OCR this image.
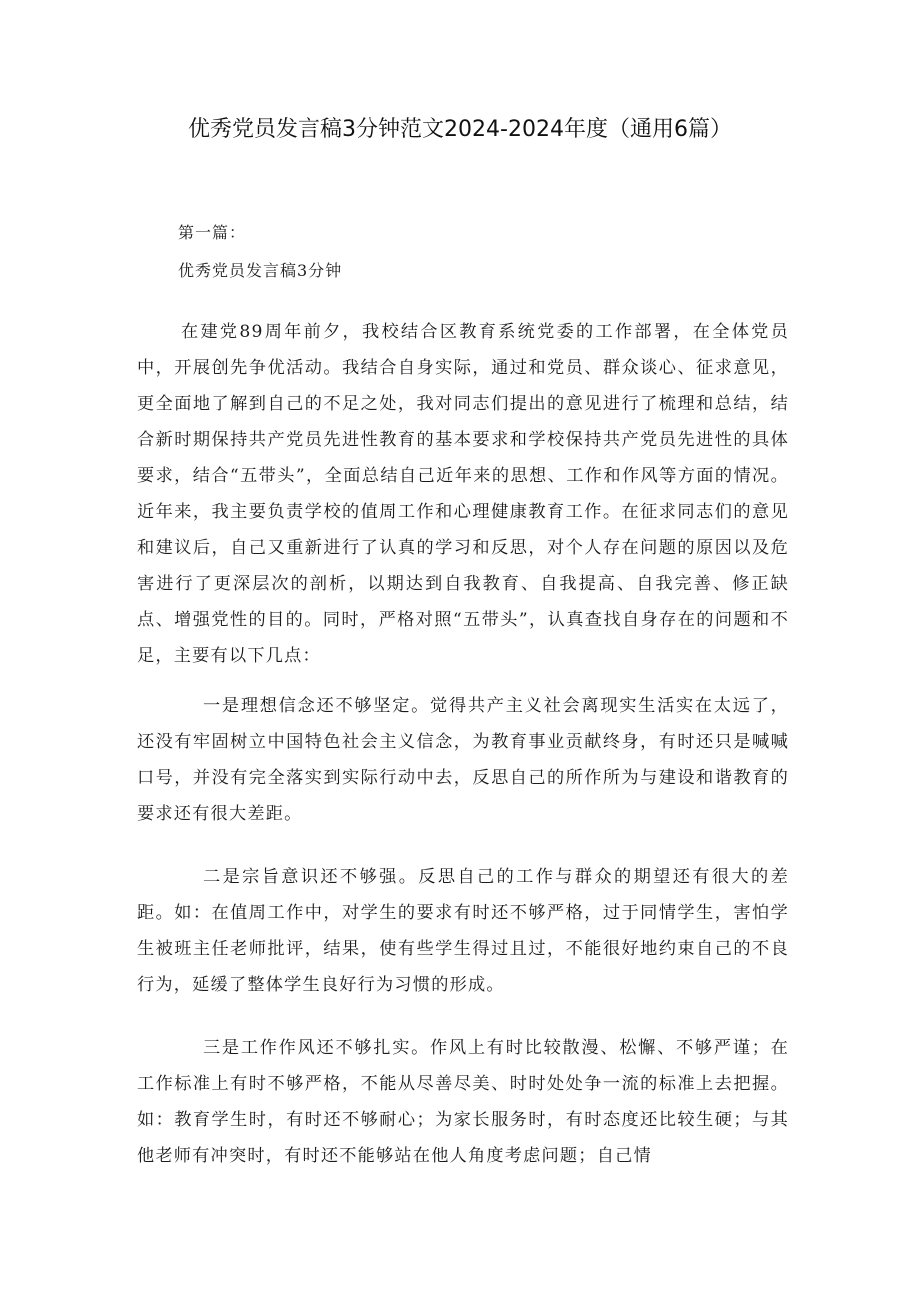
优秀党员发言稿3分钟范文2024-2024年度（通用6篇）
第一篇：
优秀党员发言稿3分钟

在建党89周年前夕，我校结合区教育系统党委的工作部署，在全体党员中，开展创先争优活动。我结合自身实际，通过和党员、群众谈心、征求意见，更全面地了解到自己的不足之处，我对同志们提出的意见进行了梳理和总结，结合新时期保持共产党员先进性教育的基本要求和学校保持共产党员先进性的具体要求，结合“五带头”，全面总结自己近年来的思想、工作和作风等方面的情况。近年来，我主要负责学校的值周工作和心理健康教育工作。在征求同志们的意见和建议后，自己又重新进行了认真的学习和反思，对个人存在问题的原因以及危害进行了更深层次的剖析，以期达到自我教育、自我提高、自我完善、修正缺点、增强党性的目的。同时，严格对照“五带头”，认真查找自身存在的问题和不足，主要有以下几点：

一是理想信念还不够坚定。觉得共产主义社会离现实生活实在太远了，还没有牢固树立中国特色社会主义信念，为教育事业贡献终身，有时还只是喊喊口号，并没有完全落实到实际行动中去，反思自己的所作所为与建设和谐教育的要求还有很大差距。

二是宗旨意识还不够强。反思自己的工作与群众的期望还有很大的差距。如：在值周工作中，对学生的要求有时还不够严格，过于同情学生，害怕学生被班主任老师批评，结果，使有些学生得过且过，不能很好地约束自己的不良行为，延缓了整体学生良好行为习惯的形成。

三是工作作风还不够扎实。作风上有时比较散漫、松懈、不够严谨；在工作标准上有时不够严格，不能从尽善尽美、时时处处争一流的标准上去把握。如：教育学生时，有时还不够耐心；为家长服务时，有时态度还比较生硬；与其他老师有冲突时，有时还不能够站在他人角度考虑问题；自己情
